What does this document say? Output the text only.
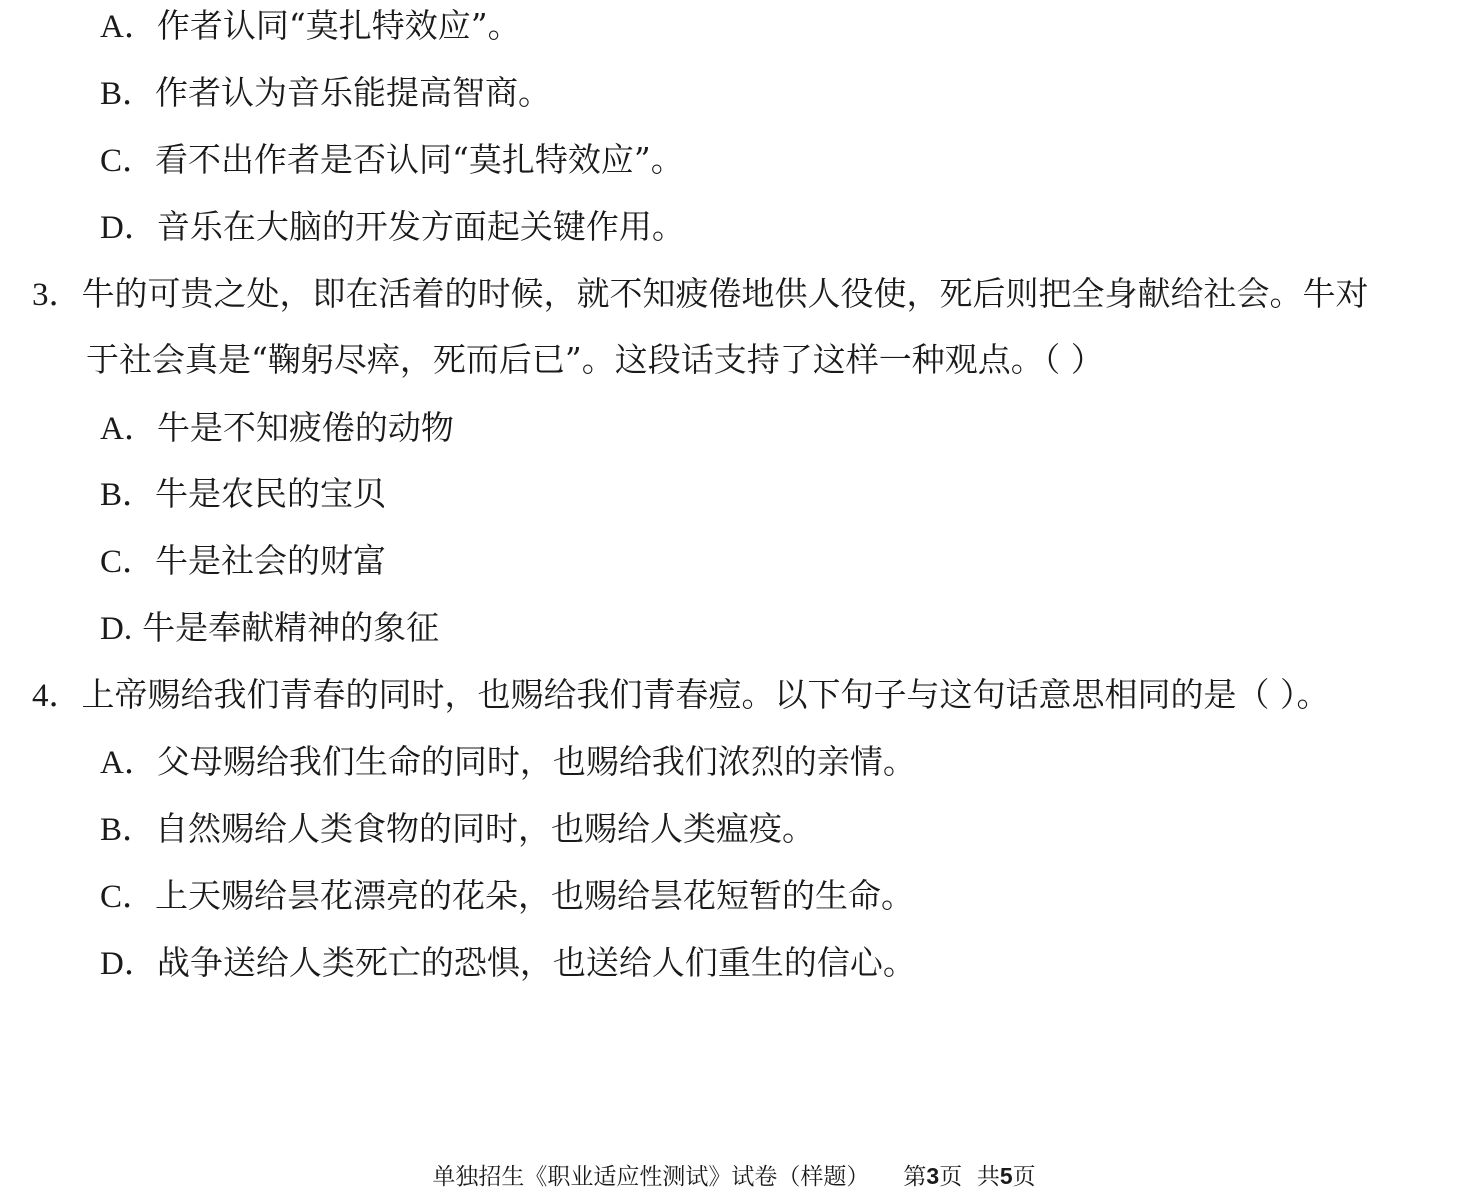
A．作者认同“莫扎特效应”。
B．作者认为音乐能提高智商。
C．看不出作者是否认同“莫扎特效应”。
D．音乐在大脑的开发方面起关键作用。
3．牛的可贵之处，即在活着的时候，就不知疲倦地供人役使，死后则把全身献给社会。牛对
于社会真是“鞠躬尽瘁，死而后已”。这段话支持了这样一种观点。（ ）
A．牛是不知疲倦的动物
B．牛是农民的宝贝
C．牛是社会的财富
D. 牛是奉献精神的象征
4．上帝赐给我们青春的同时，也赐给我们青春痘。以下句子与这句话意思相同的是（ ）。
A．父母赐给我们生命的同时，也赐给我们浓烈的亲情。
B．自然赐给人类食物的同时，也赐给人类瘟疫。
C．上天赐给昙花漂亮的花朵，也赐给昙花短暂的生命。
D．战争送给人类死亡的恐惧，也送给人们重生的信心。
单独招生《职业适应性测试》试卷（样题） 第3页 共5页
